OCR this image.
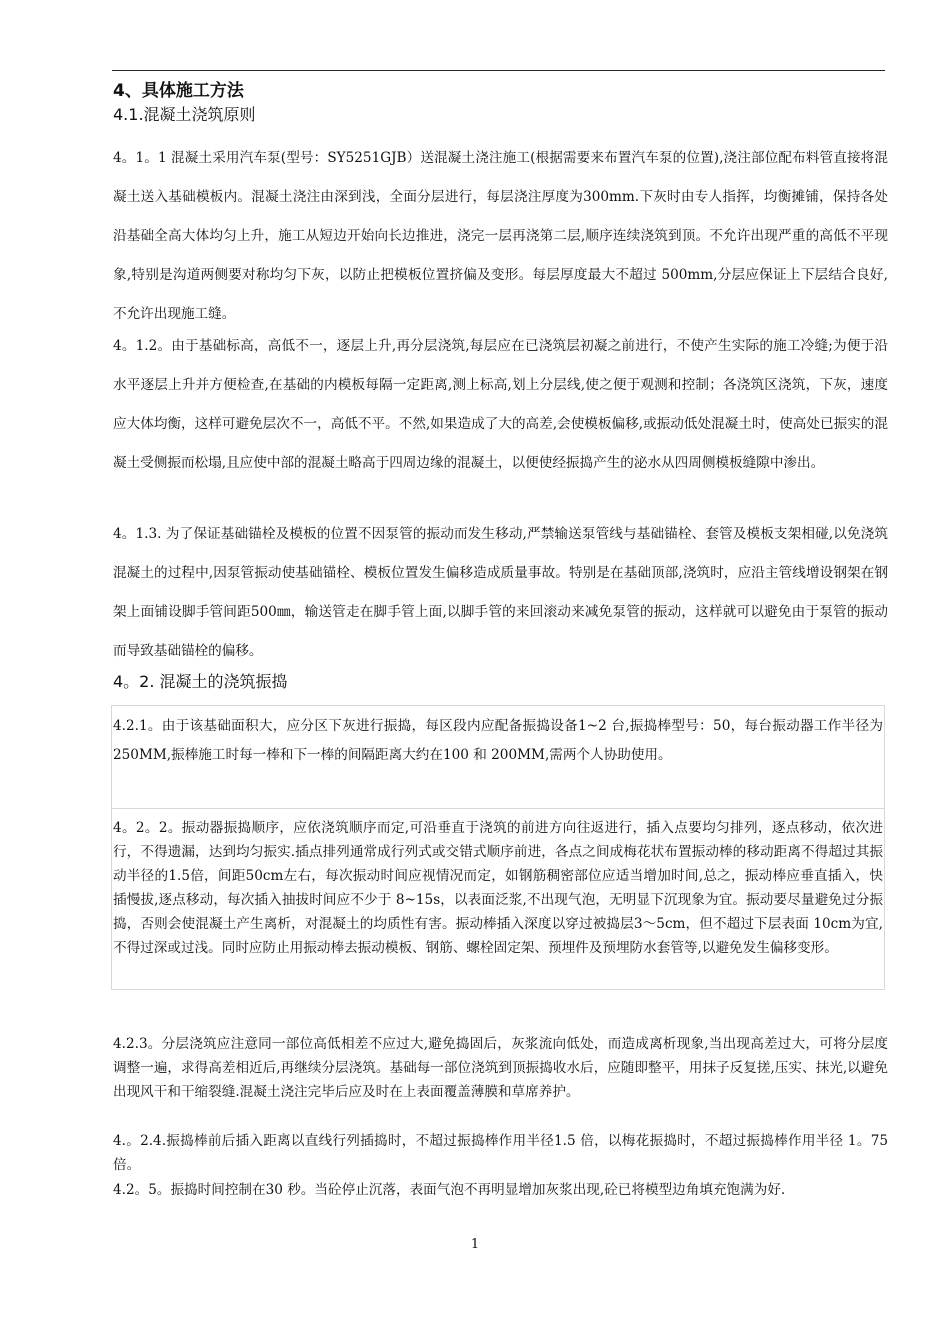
4、具体施工方法
4.1.混凝土浇筑原则

4。1。1 混凝土采用汽车泵(型号：SY5251GJB）送混凝土浇注施工(根据需要来布置汽车泵的位置),浇注部位配布料管直接将混凝土送入基础模板内。混凝土浇注由深到浅，全面分层进行，每层浇注厚度为300mm.下灰时由专人指挥，均衡摊铺，保持各处沿基础全高大体均匀上升，施工从短边开始向长边推进，浇完一层再浇第二层,顺序连续浇筑到顶。不允许出现严重的高低不平现象,特别是沟道两侧要对称均匀下灰，以防止把模板位置挤偏及变形。每层厚度最大不超过 500mm,分层应保证上下层结合良好,不允许出现施工缝。

4。1.2。由于基础标高，高低不一，逐层上升,再分层浇筑,每层应在已浇筑层初凝之前进行，不使产生实际的施工冷缝;为便于沿水平逐层上升并方便检查,在基础的内模板每隔一定距离,测上标高,划上分层线,使之便于观测和控制；各浇筑区浇筑，下灰，速度应大体均衡，这样可避免层次不一，高低不平。不然,如果造成了大的高差,会使模板偏移,或振动低处混凝土时，使高处已振实的混凝土受侧振而松塌,且应使中部的混凝土略高于四周边缘的混凝土，以便使经振捣产生的泌水从四周侧模板缝隙中渗出。

4。1.3. 为了保证基础锚栓及模板的位置不因泵管的振动而发生移动,严禁输送泵管线与基础锚栓、套管及模板支架相碰,以免浇筑混凝土的过程中,因泵管振动使基础锚栓、模板位置发生偏移造成质量事故。特别是在基础顶部,浇筑时，应沿主管线增设钢架在钢架上面铺设脚手管间距500㎜，输送管走在脚手管上面,以脚手管的来回滚动来减免泵管的振动，这样就可以避免由于泵管的振动而导致基础锚栓的偏移。

4。2. 混凝土的浇筑振捣

4.2.1。由于该基础面积大，应分区下灰进行振捣，每区段内应配备振捣设备1~2 台,振捣棒型号：50，每台振动器工作半径为250MM,振棒施工时每一棒和下一棒的间隔距离大约在100 和 200MM,需两个人协助使用。

4。2。2。振动器振捣顺序，应依浇筑顺序而定,可沿垂直于浇筑的前进方向往返进行，插入点要均匀排列，逐点移动，依次进行，不得遗漏，达到均匀振实.插点排列通常成行列式或交错式顺序前进，各点之间成梅花状布置振动棒的移动距离不得超过其振动半径的1.5倍，间距50cm左右，每次振动时间应视情况而定，如钢筋稠密部位应适当增加时间,总之，振动棒应垂直插入，快插慢拔,逐点移动，每次插入抽拔时间应不少于 8~15s，以表面泛浆,不出现气泡，无明显下沉现象为宜。振动要尽量避免过分振捣，否则会使混凝土产生离析，对混凝土的均质性有害。振动棒插入深度以穿过被捣层3～5cm，但不超过下层表面 10cm为宜,不得过深或过浅。同时应防止用振动棒去振动模板、钢筋、螺栓固定架、预埋件及预埋防水套管等,以避免发生偏移变形。

4.2.3。分层浇筑应注意同一部位高低相差不应过大,避免捣固后，灰浆流向低处，而造成离析现象,当出现高差过大，可将分层度调整一遍，求得高差相近后,再继续分层浇筑。基础每一部位浇筑到顶振捣收水后，应随即整平，用抹子反复搓,压实、抹光,以避免出现风干和干缩裂缝.混凝土浇注完毕后应及时在上表面覆盖薄膜和草席养护。

4.。2.4.振捣棒前后插入距离以直线行列插捣时，不超过振捣棒作用半径1.5 倍，以梅花振捣时，不超过振捣棒作用半径 1。75 倍。

4.2。5。振捣时间控制在30 秒。当砼停止沉落，表面气泡不再明显增加灰浆出现,砼已将模型边角填充饱满为好.

1
